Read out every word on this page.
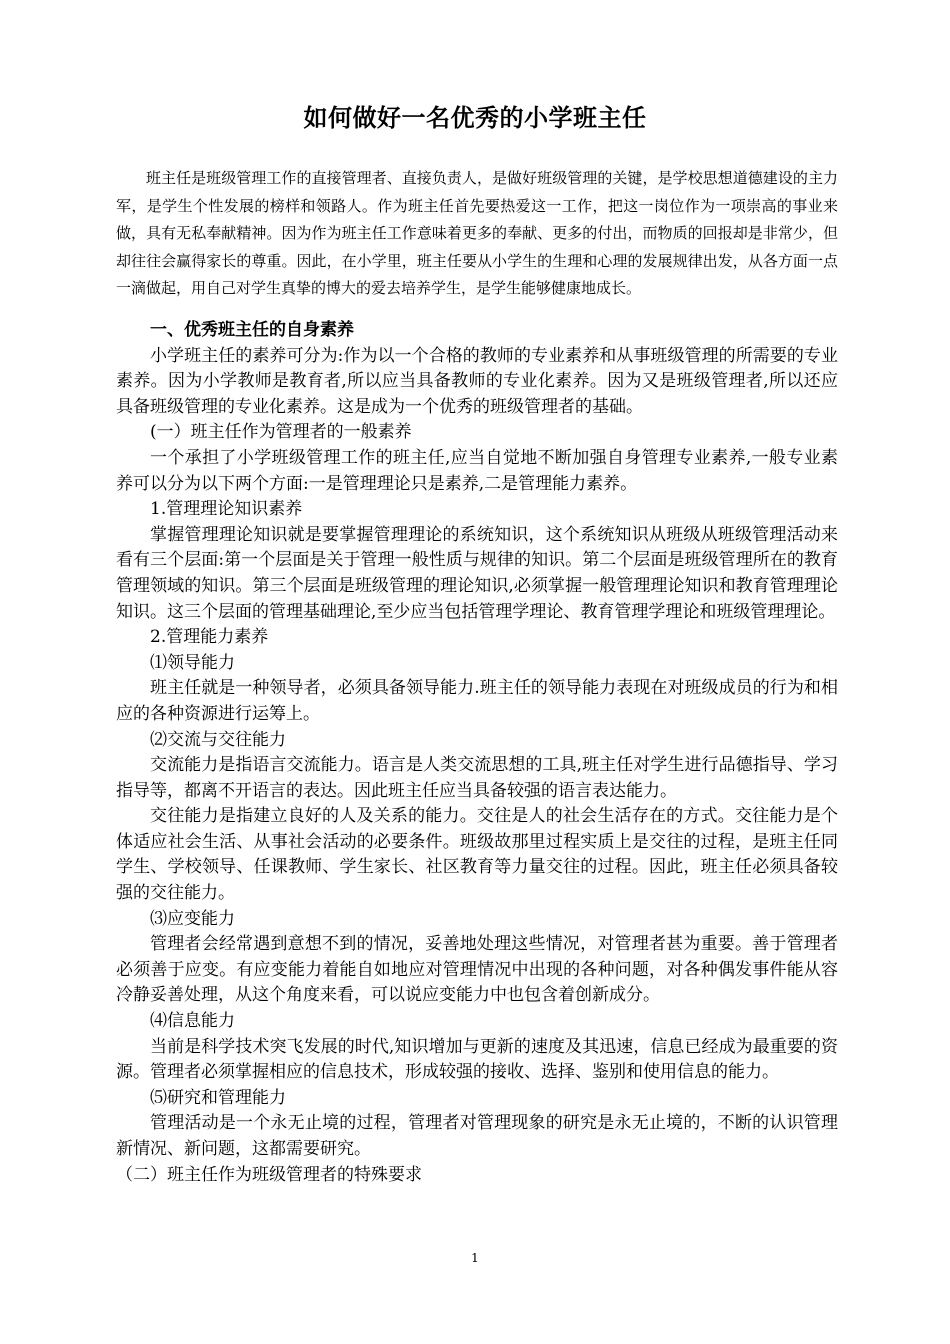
如何做好一名优秀的小学班主任

班主任是班级管理工作的直接管理者、直接负责人，是做好班级管理的关键，是学校思想道德建设的主力军，是学生个性发展的榜样和领路人。作为班主任首先要热爱这一工作，把这一岗位作为一项崇高的事业来做，具有无私奉献精神。因为作为班主任工作意味着更多的奉献、更多的付出，而物质的回报却是非常少，但却往往会赢得家长的尊重。因此，在小学里，班主任要从小学生的生理和心理的发展规律出发，从各方面一点一滴做起，用自己对学生真挚的博大的爱去培养学生，是学生能够健康地成长。

一、优秀班主任的自身素养

小学班主任的素养可分为:作为以一个合格的教师的专业素养和从事班级管理的所需要的专业素养。因为小学教师是教育者,所以应当具备教师的专业化素养。因为又是班级管理者,所以还应具备班级管理的专业化素养。这是成为一个优秀的班级管理者的基础。

(一）班主任作为管理者的一般素养

一个承担了小学班级管理工作的班主任,应当自觉地不断加强自身管理专业素养,一般专业素养可以分为以下两个方面:一是管理理论只是素养,二是管理能力素养。

1.管理理论知识素养

掌握管理理论知识就是要掌握管理理论的系统知识，这个系统知识从班级从班级管理活动来看有三个层面:第一个层面是关于管理一般性质与规律的知识。第二个层面是班级管理所在的教育管理领域的知识。第三个层面是班级管理的理论知识,必须掌握一般管理理论知识和教育管理理论知识。这三个层面的管理基础理论,至少应当包括管理学理论、教育管理学理论和班级管理理论。

2.管理能力素养

⑴领导能力

班主任就是一种领导者，必须具备领导能力.班主任的领导能力表现在对班级成员的行为和相应的各种资源进行运筹上。

⑵交流与交往能力

交流能力是指语言交流能力。语言是人类交流思想的工具,班主任对学生进行品德指导、学习指导等，都离不开语言的表达。因此班主任应当具备较强的语言表达能力。

交往能力是指建立良好的人及关系的能力。交往是人的社会生活存在的方式。交往能力是个体适应社会生活、从事社会活动的必要条件。班级故那里过程实质上是交往的过程，是班主任同学生、学校领导、任课教师、学生家长、社区教育等力量交往的过程。因此，班主任必须具备较强的交往能力。

⑶应变能力

管理者会经常遇到意想不到的情况，妥善地处理这些情况，对管理者甚为重要。善于管理者必须善于应变。有应变能力着能自如地应对管理情况中出现的各种问题，对各种偶发事件能从容冷静妥善处理，从这个角度来看，可以说应变能力中也包含着创新成分。

⑷信息能力

当前是科学技术突飞发展的时代,知识增加与更新的速度及其迅速，信息已经成为最重要的资源。管理者必须掌握相应的信息技术，形成较强的接收、选择、鉴别和使用信息的能力。

⑸研究和管理能力

管理活动是一个永无止境的过程，管理者对管理现象的研究是永无止境的，不断的认识管理新情况、新问题，这都需要研究。

（二）班主任作为班级管理者的特殊要求

1
